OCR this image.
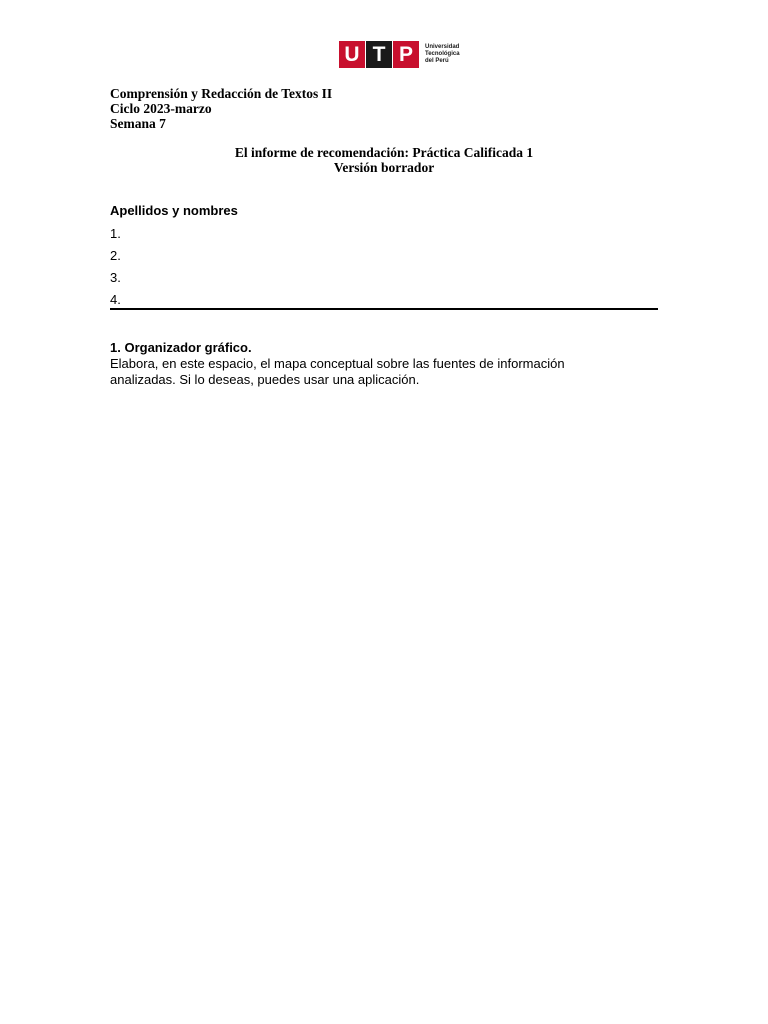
U T P	Universidad
Tecnológica
del Perú
Comprensión y Redacción de Textos II
Ciclo 2023-marzo
Semana 7
El informe de recomendación: Práctica Calificada 1
Versión borrador
Apellidos y nombres
1.
2.
3.
4.
1. Organizador gráfico.
Elabora, en este espacio, el mapa conceptual sobre las fuentes de información
analizadas. Si lo deseas, puedes usar una aplicación.
